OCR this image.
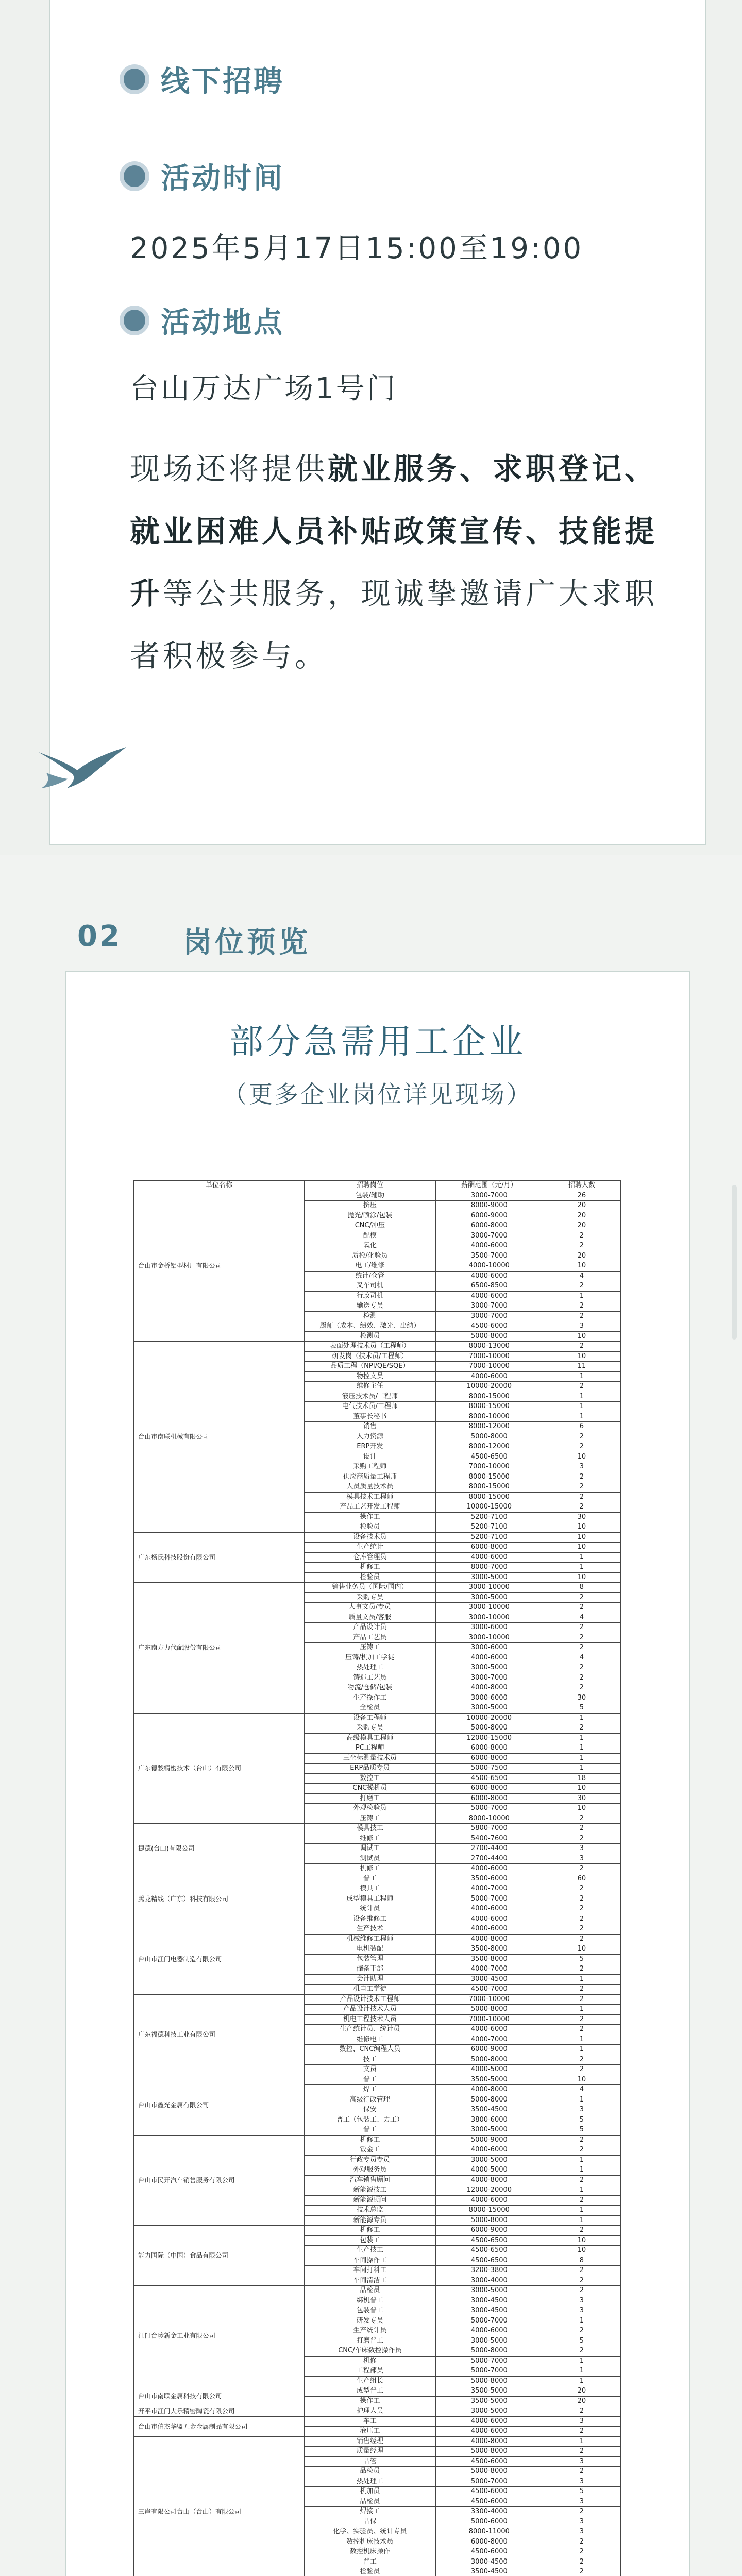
线下招聘
活动时间
2025年5月17日15:00至19:00
活动地点
台山万达广场1号门
现场还将提供就业服务、求职登记、就业困难人员补贴政策宣传、技能提升等公共服务，现诚挚邀请广大求职者积极参与。
02 岗位预览
部分急需用工企业
（更多企业岗位详见现场）
单位名称	招聘岗位	薪酬范围（元/月）	招聘人数
台山市金桥铝型材厂有限公司	包装/辅助	3000-7000	26
	挤压	8000-9000	20
	抛光/喷涂/包装	6000-9000	20
	CNC/冲压	6000-8000	20
	配模	3000-7000	2
	氧化	4000-6000	2
	质检/化验员	3500-7000	20
	电工/维修	4000-10000	10
	统计/仓管	4000-6000	4
	叉车司机	6500-8500	2
	行政司机	4000-6000	1
	输送专员	3000-7000	2
	检测	3000-7000	2
	厨师（成本、绩效、激光、出纳）	4500-6000	3
	检测员	5000-8000	10
台山市南联机械有限公司	表面处理技术员（工程师）	8000-13000	2
	研发岗（技术员/工程师）	7000-10000	10
	品质工程（NPI/QE/SQE）	7000-10000	11
	物控文员	4000-6000	1
	维修主任	10000-20000	2
	液压技术员/工程师	8000-15000	1
	电气技术员/工程师	8000-15000	1
	董事长秘书	8000-10000	1
	销售	8000-12000	6
	人力资源	5000-8000	2
	ERP开发	8000-12000	2
	设计	4500-6500	10
	采购工程师	7000-10000	3
	供应商质量工程师	8000-15000	2
	人员质量技术员	8000-15000	2
	模具技术工程师	8000-15000	2
	产品工艺开发工程师	10000-15000	2
	操作工	5200-7100	30
	检验员	5200-7100	10
广东杨氏科技股份有限公司	设备技术员	5200-7100	10
	生产统计	6000-8000	10
	仓库管理员	4000-6000	1
	机修工	8000-7000	1
	检验员	3000-5000	10
广东南方力代配股份有限公司	销售业务员（国际/国内）	3000-10000	8
	采购专员	3000-5000	2
	人事文员/专员	3000-10000	2
	质量文员/客服	3000-10000	4
	产品设计员	3000-6000	2
	产品工艺员	3000-10000	2
	压铸工	3000-6000	2
	压铸/机加工学徒	4000-6000	4
	热处理工	3000-5000	2
	铸造工艺员	3000-7000	2
	物流/仓储/包装	4000-8000	2
	生产操作工	3000-6000	30
	全检员	3000-5000	5
广东德骏精密技术（台山）有限公司	设备工程师	10000-20000	1
	采购专员	5000-8000	2
	高级模具工程师	12000-15000	1
	PC工程师	6000-8000	1
	三坐标测量技术员	6000-8000	1
	ERP品质专员	5000-7500	1
	数控工	4500-6500	18
	CNC操机员	6000-8000	10
	打磨工	6000-8000	30
	外观检验员	5000-7000	10
	压铸工	8000-10000	2
捷德(台山)有限公司	模具技工	5800-7000	2
	维修工	5400-7600	2
	调试工	2700-4400	3
	测试员	2700-4400	3
	机修工	4000-6000	2
腾龙精线（广东）科技有限公司	普工	3500-6000	60
	模具工	4000-7000	2
	成型模具工程师	5000-7000	2
	统计员	4000-6000	2
	设备维修工	4000-6000	2
台山市江门电器制造有限公司	生产技术	4000-6000	2
	机械维修工程师	4000-8000	2
	电机装配	3500-8000	10
	包装管理	3500-8000	5
	储备干部	4000-7000	2
	会计助理	3000-4500	1
	机电工学徒	4500-7000	2
广东福德科技工业有限公司	产品设计技术工程师	7000-10000	2
	产品设计技术人员	5000-8000	1
	机电工程技术人员	7000-10000	2
	生产统计员、统计员	4000-6000	2
	维修电工	4000-7000	1
	数控、CNC编程人员	6000-9000	1
	技工	5000-8000	2
	文员	4000-5000	2
台山市鑫光金属有限公司	普工	3500-5000	10
	焊工	4000-8000	4
	高级行政管理	5000-8000	1
	保安	3500-4500	3
	普工（包装工、力工）	3800-6000	5
	普工	3000-5000	5
台山市民开汽车销售服务有限公司	机修工	5000-9000	2
	钣金工	4000-6000	2
	行政专员专员	3000-5000	1
	外观服务员	4000-5000	1
	汽车销售顾问	4000-8000	2
	新能源技工	12000-20000	1
	新能源顾问	4000-6000	2
	技术总监	8000-15000	1
	新能源专员	5000-8000	1
能力国际（中国）食品有限公司	机修工	6000-9000	2
	包装工	4500-6500	10
	生产技工	4500-6500	10
	车间操作工	4500-6500	8
	车间打料工	3200-3800	2
	车间清洁工	3000-4000	2
江门台珍新金工业有限公司	品检员	3000-5000	2
	绑机普工	3000-4500	3
	包装普工	3000-4500	3
	研发专员	5000-7000	1
	生产统计员	4000-6000	2
	打磨普工	3000-5000	5
	CNC/车床数控操作员	5000-8000	2
	机修	5000-7000	1
	工程部员	5000-7000	1
	生产组长	5000-8000	1
台山市南联金属科技有限公司	成型普工	3500-5000	20
	操作工	3500-5000	20
开平市江门大乐精密陶瓷有限公司	护理人员	3000-5000	2
台山市伯杰华盟五金金属制品有限公司	车工	4000-6000	3
	液压工	4000-6000	2
三岸有限公司台山（台山）有限公司	销售经理	4000-8000	1
	质量经理	5000-8000	2
	品管	4500-6000	3
	品检员	5000-8000	2
	热处理工	5000-7000	3
	机加员	4500-6000	5
	品检员	4500-6000	3
	焊接工	3300-4000	2
	品保	5000-6000	3
	化学、实验员、统计专员	8000-11000	3
	数控机床技术员	6000-8000	2
	数控机床操作	4500-6000	2
	普工	3000-4500	2
	检验员	3500-4500	2
